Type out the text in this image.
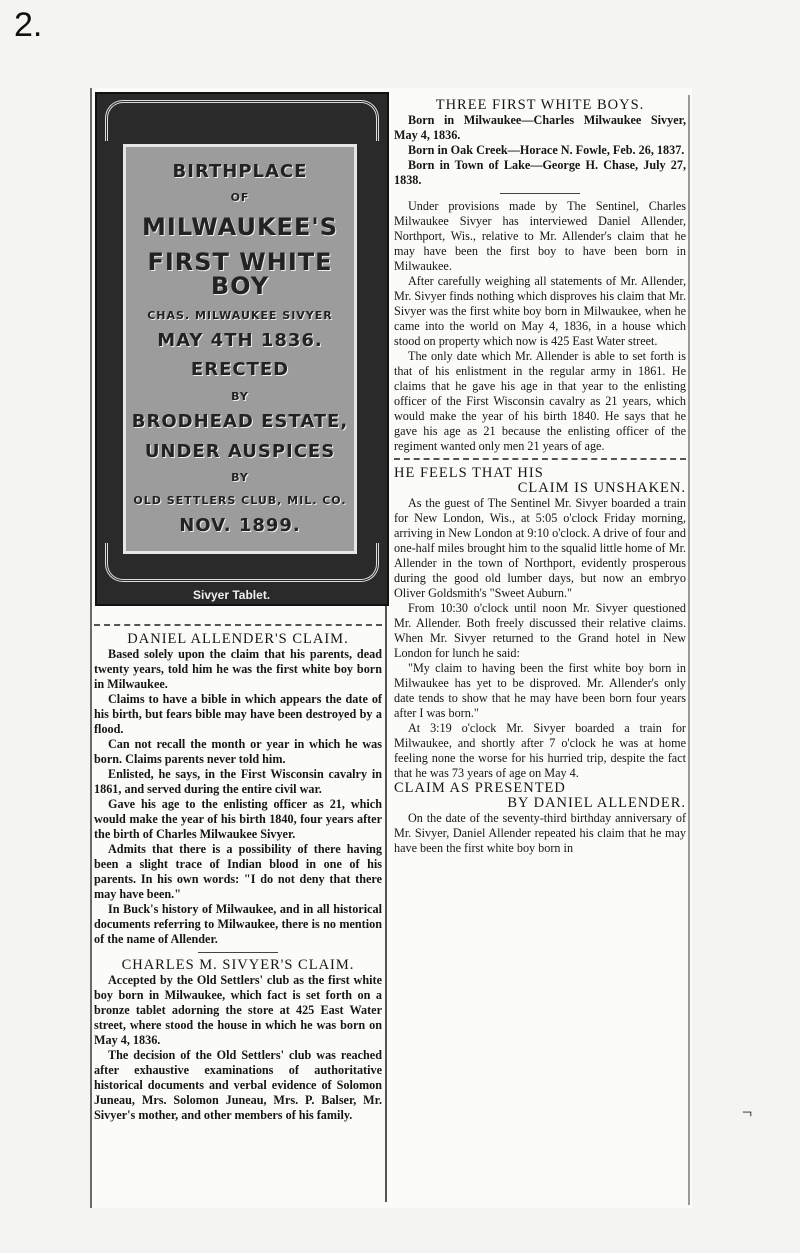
2.
¬
BIRTHPLACE
OF
MILWAUKEE'S
FIRST WHITE BOY
CHAS. MILWAUKEE SIVYER
MAY 4TH 1836.
ERECTED
BY
BRODHEAD ESTATE,
UNDER AUSPICES
BY
OLD SETTLERS CLUB, MIL. CO.
NOV. 1899.
Sivyer Tablet.
DANIEL ALLENDER'S CLAIM.

Based solely upon the claim that his parents, dead twenty years, told him he was the first white boy born in Milwaukee.

Claims to have a bible in which appears the date of his birth, but fears bible may have been destroyed by a flood.

Can not recall the month or year in which he was born. Claims parents never told him.

Enlisted, he says, in the First Wisconsin cavalry in 1861, and served during the entire civil war.

Gave his age to the enlisting officer as 21, which would make the year of his birth 1840, four years after the birth of Charles Milwaukee Sivyer.

Admits that there is a possibility of there having been a slight trace of Indian blood in one of his parents. In his own words: "I do not deny that there may have been."

In Buck's history of Milwaukee, and in all historical documents referring to Milwaukee, there is no mention of the name of Allender.

CHARLES M. SIVYER'S CLAIM.

Accepted by the Old Settlers' club as the first white boy born in Milwaukee, which fact is set forth on a bronze tablet adorning the store at 425 East Water street, where stood the house in which he was born on May 4, 1836.

The decision of the Old Settlers' club was reached after exhaustive examinations of authoritative historical documents and verbal evidence of Solomon Juneau, Mrs. Solomon Juneau, Mrs. P. Balser, Mr. Sivyer's mother, and other members of his family.

THREE FIRST WHITE BOYS.

Born in Milwaukee—Charles Milwaukee Sivyer, May 4, 1836.

Born in Oak Creek—Horace N. Fowle, Feb. 26, 1837.

Born in Town of Lake—George H. Chase, July 27, 1838.

Under provisions made by The Sentinel, Charles Milwaukee Sivyer has interviewed Daniel Allender, Northport, Wis., relative to Mr. Allender's claim that he may have been the first boy to have been born in Milwaukee.

After carefully weighing all statements of Mr. Allender, Mr. Sivyer finds nothing which disproves his claim that Mr. Sivyer was the first white boy born in Milwaukee, when he came into the world on May 4, 1836, in a house which stood on property which now is 425 East Water street.

The only date which Mr. Allender is able to set forth is that of his enlistment in the regular army in 1861. He claims that he gave his age in that year to the enlisting officer of the First Wisconsin cavalry as 21 years, which would make the year of his birth 1840. He says that he gave his age as 21 because the enlisting officer of the regiment wanted only men 21 years of age.

HE FEELS THAT HIS
CLAIM IS UNSHAKEN.

As the guest of The Sentinel Mr. Sivyer boarded a train for New London, Wis., at 5:05 o'clock Friday morning, arriving in New London at 9:10 o'clock. A drive of four and one-half miles brought him to the squalid little home of Mr. Allender in the town of Northport, evidently prosperous during the good old lumber days, but now an embryo Oliver Goldsmith's "Sweet Auburn."

From 10:30 o'clock until noon Mr. Sivyer questioned Mr. Allender. Both freely discussed their relative claims. When Mr. Sivyer returned to the Grand hotel in New London for lunch he said:

"My claim to having been the first white boy born in Milwaukee has yet to be disproved. Mr. Allender's only date tends to show that he may have been born four years after I was born."

At 3:19 o'clock Mr. Sivyer boarded a train for Milwaukee, and shortly after 7 o'clock he was at home feeling none the worse for his hurried trip, despite the fact that he was 73 years of age on May 4.

CLAIM AS PRESENTED
BY DANIEL ALLENDER.

On the date of the seventy-third birthday anniversary of Mr. Sivyer, Daniel Allender repeated his claim that he may have been the first white boy born in
